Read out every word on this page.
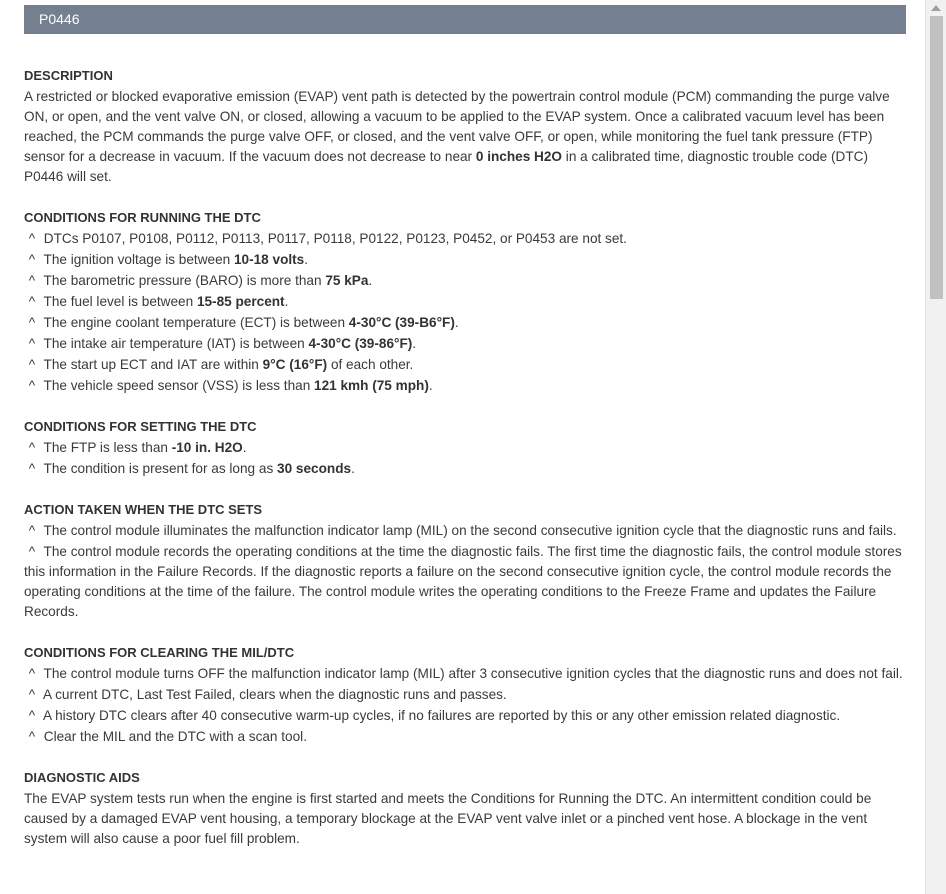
P0446
DESCRIPTION

A restricted or blocked evaporative emission (EVAP) vent path is detected by the powertrain control module (PCM) commanding the purge valve ON, or open, and the vent valve ON, or closed, allowing a vacuum to be applied to the EVAP system. Once a calibrated vacuum level has been reached, the PCM commands the purge valve OFF, or closed, and the vent valve OFF, or open, while monitoring the fuel tank pressure (FTP) sensor for a decrease in vacuum. If the vacuum does not decrease to near 0 inches H2O in a calibrated time, diagnostic trouble code (DTC) P0446 will set.

CONDITIONS FOR RUNNING THE DTC
^ DTCs P0107, P0108, P0112, P0113, P0117, P0118, P0122, P0123, P0452, or P0453 are not set.
^ The ignition voltage is between 10-18 volts.
^ The barometric pressure (BARO) is more than 75 kPa.
^ The fuel level is between 15-85 percent.
^ The engine coolant temperature (ECT) is between 4-30°C (39-B6°F).
^ The intake air temperature (IAT) is between 4-30°C (39-86°F).
^ The start up ECT and IAT are within 9°C (16°F) of each other.
^ The vehicle speed sensor (VSS) is less than 121 kmh (75 mph).
CONDITIONS FOR SETTING THE DTC
^ The FTP is less than -10 in. H2O.
^ The condition is present for as long as 30 seconds.
ACTION TAKEN WHEN THE DTC SETS
^ The control module illuminates the malfunction indicator lamp (MIL) on the second consecutive ignition cycle that the diagnostic runs and fails.
^ The control module records the operating conditions at the time the diagnostic fails. The first time the diagnostic fails, the control module stores this information in the Failure Records. If the diagnostic reports a failure on the second consecutive ignition cycle, the control module records the operating conditions at the time of the failure. The control module writes the operating conditions to the Freeze Frame and updates the Failure Records.
CONDITIONS FOR CLEARING THE MIL/DTC
^ The control module turns OFF the malfunction indicator lamp (MIL) after 3 consecutive ignition cycles that the diagnostic runs and does not fail.
^ A current DTC, Last Test Failed, clears when the diagnostic runs and passes.
^ A history DTC clears after 40 consecutive warm-up cycles, if no failures are reported by this or any other emission related diagnostic.
^ Clear the MIL and the DTC with a scan tool.
DIAGNOSTIC AIDS

The EVAP system tests run when the engine is first started and meets the Conditions for Running the DTC. An intermittent condition could be caused by a damaged EVAP vent housing, a temporary blockage at the EVAP vent valve inlet or a pinched vent hose. A blockage in the vent system will also cause a poor fuel fill problem.
